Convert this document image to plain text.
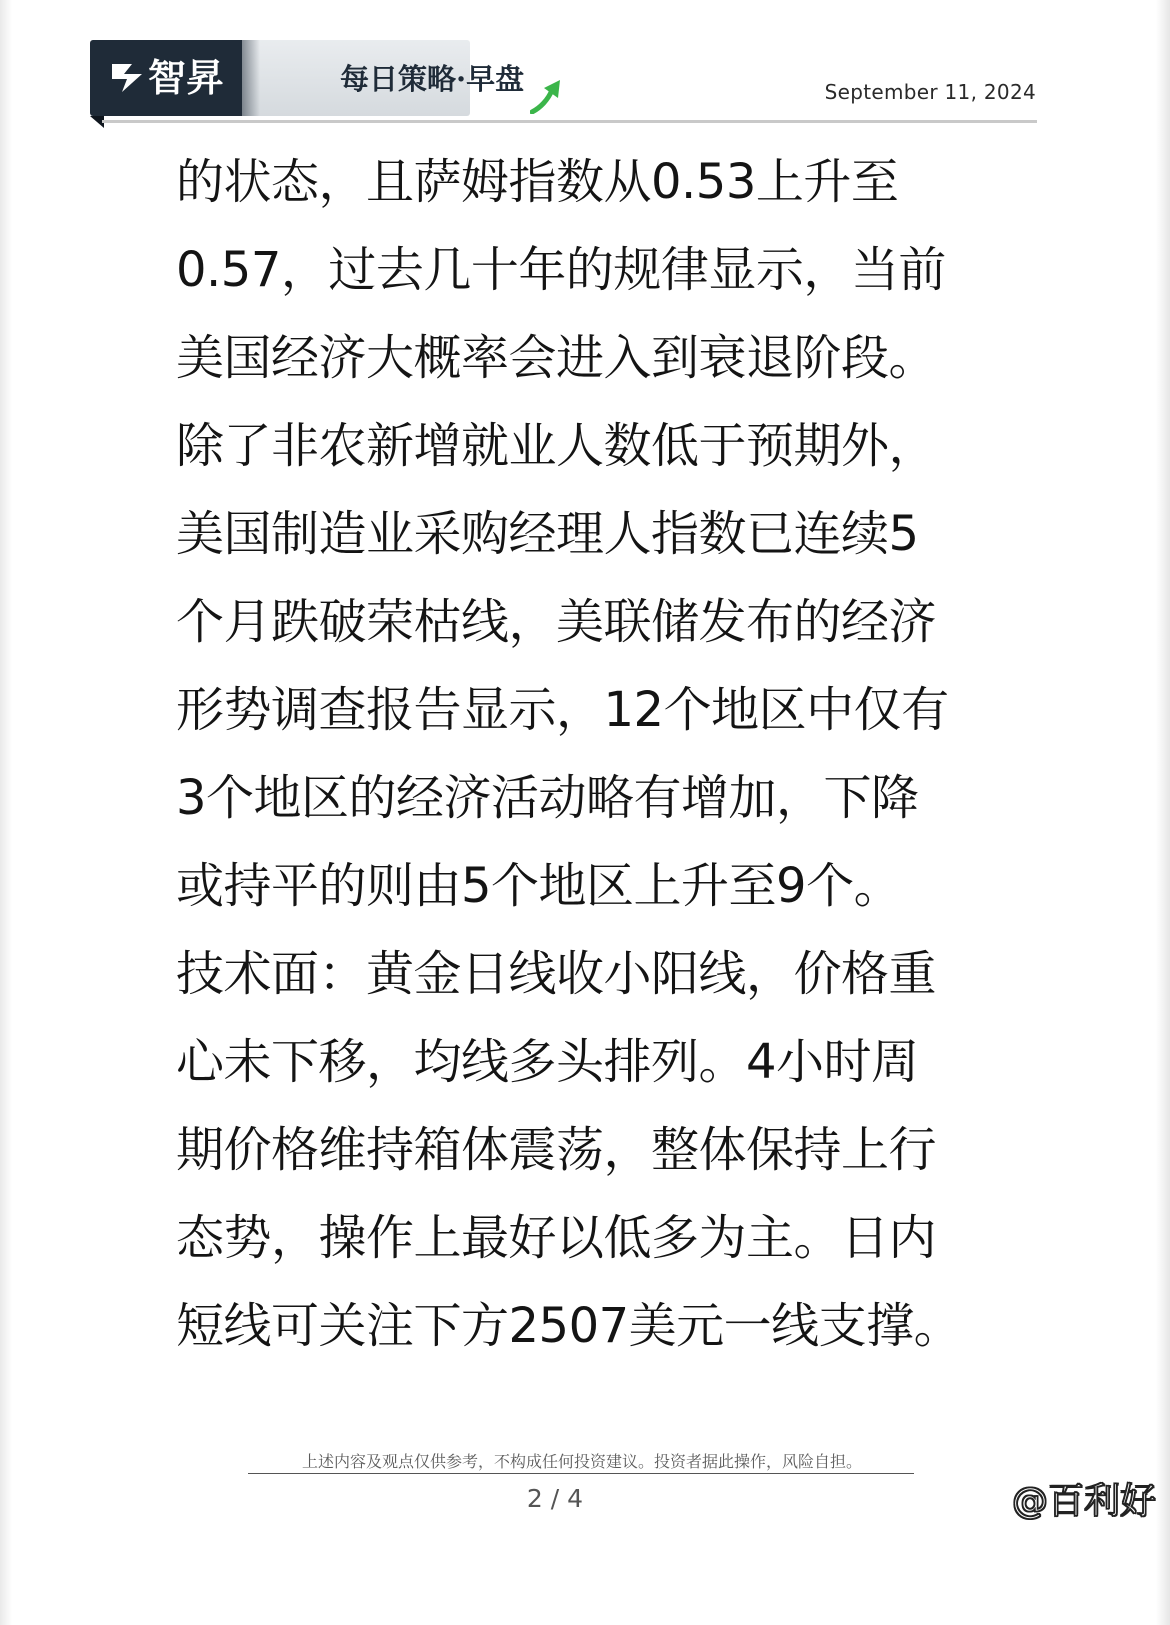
智昇	每日策略·早盘	September 11, 2024
的状态，且萨姆指数从0.53上升至
0.57，过去几十年的规律显示，当前
美国经济大概率会进入到衰退阶段。
除了非农新增就业人数低于预期外，
美国制造业采购经理人指数已连续5
个月跌破荣枯线，美联储发布的经济
形势调查报告显示，12个地区中仅有
3个地区的经济活动略有增加，下降
或持平的则由5个地区上升至9个。
技术面：黄金日线收小阳线，价格重
心未下移，均线多头排列。4小时周
期价格维持箱体震荡，整体保持上行
态势，操作上最好以低多为主。日内
短线可关注下方2507美元一线支撑。
上述内容及观点仅供参考，不构成任何投资建议。投资者据此操作，风险自担。
2 / 4	@百利好
